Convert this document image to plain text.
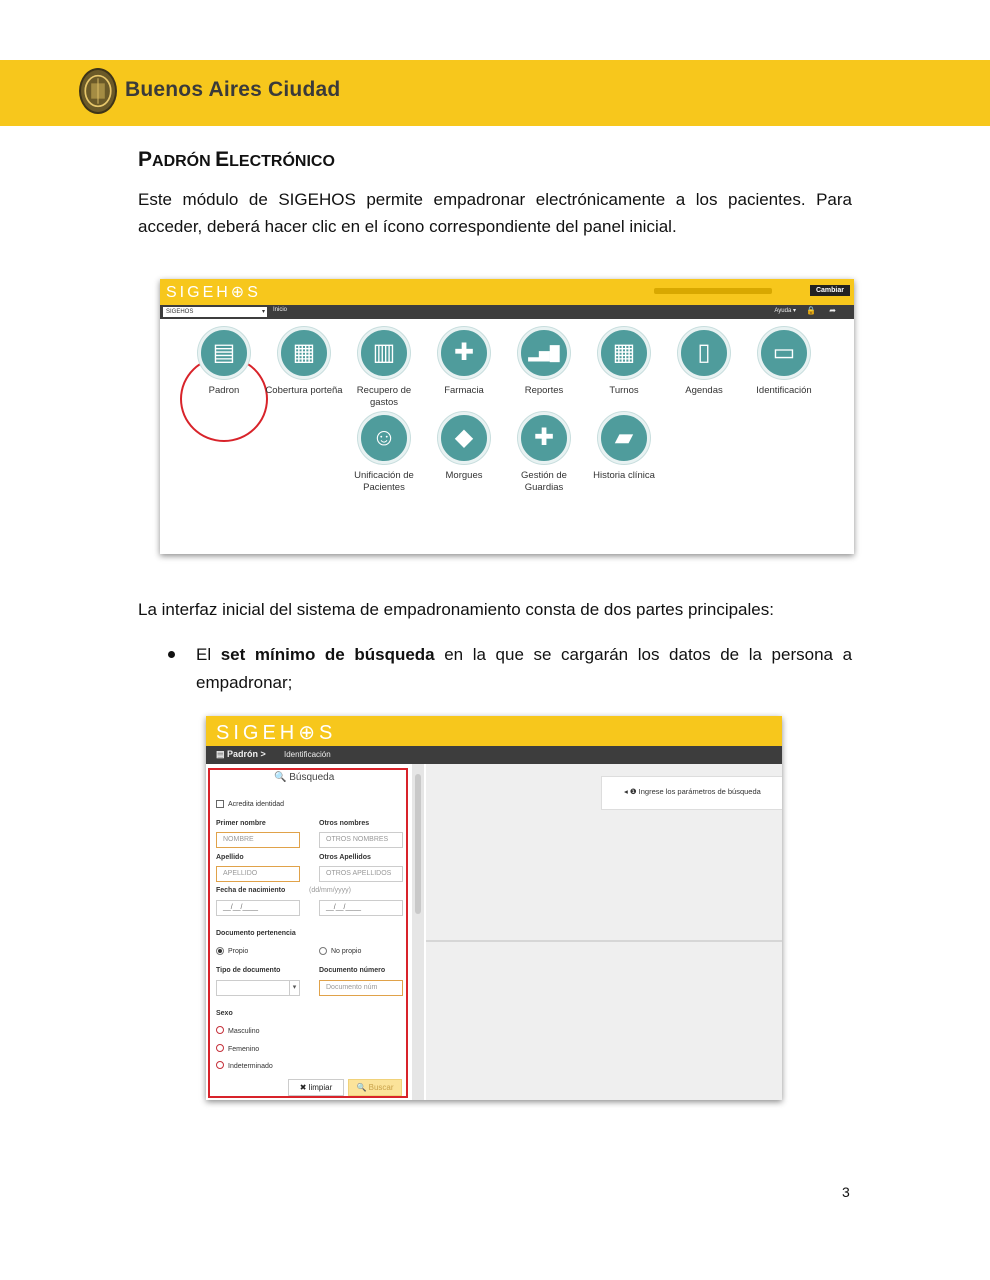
Buenos Aires Ciudad
PADRÓN ELECTRÓNICO
Este módulo de SIGEHOS permite empadronar electrónicamente a los pacientes. Para acceder, deberá hacer clic en el ícono correspondiente del panel inicial.
SIGEH⊕S	Cambiar
SIGEHOS ▾	Inicio	Ayuda ▾ 🔒 ➦
▤
Padron
▦
Cobertura porteña
▥
Recupero de gastos
✚
Farmacia
▂▅█
Reportes
▦
Turnos
▯
Agendas
▭
Identificación
☺
Unificación de Pacientes
◆
Morgues
✚
Gestión de Guardias
▰
Historia clínica
La interfaz inicial del sistema de empadronamiento consta de dos partes principales:
El set mínimo de búsqueda en la que se cargarán los datos de la persona a empadronar;
SIGEH⊕S
▤ Padrón > Identificación
🔍 Búsqueda
Acredita identidad
Primer nombre	Otros nombres
NOMBRE	OTROS NOMBRES
Apellido	Otros Apellidos
APELLIDO	OTROS APELLIDOS
Fecha de nacimiento	(dd/mm/yyyy)
__/__/____	__/__/____
Documento pertenencia
Propio	No propio
Tipo de documento	Documento número
▾	Documento núm
Sexo
Masculino
Femenino
Indeterminado
✖ limpiar	🔍 Buscar
◂ ❶ Ingrese los parámetros de búsqueda
3
